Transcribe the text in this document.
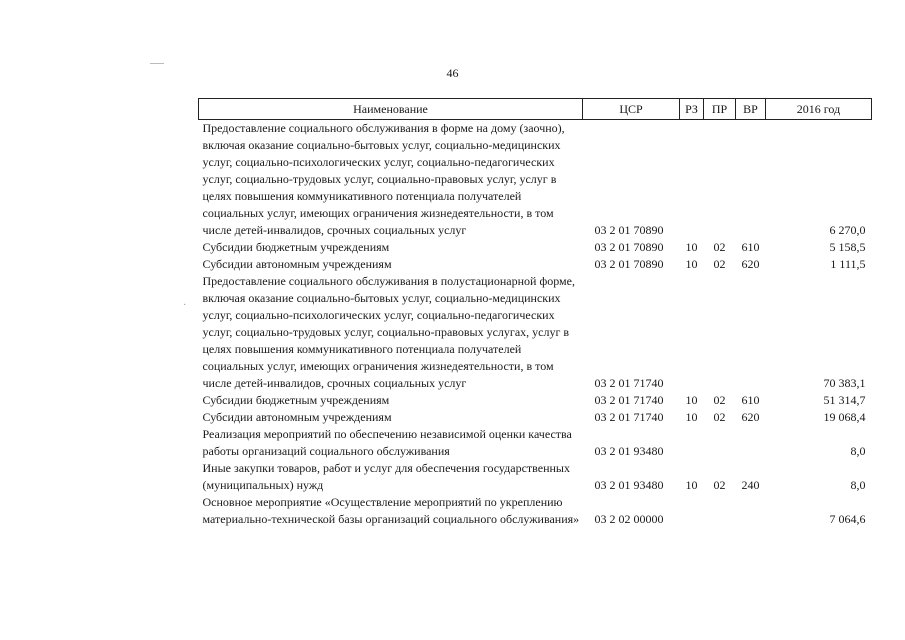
46
·
Наименование	ЦСР	РЗ	ПР	ВР	2016 год
Предоставление социального обслуживания в форме на дому (заочно), включая оказание социально-бытовых услуг, социально-медицинских услуг, социально-психологических услуг, социально-педагогических услуг, социально-трудовых услуг, социально-правовых услуг, услуг в целях повышения коммуникативного потенциала получателей социальных услуг, имеющих ограничения жизнедеятельности, в том числе детей-инвалидов, срочных социальных услуг	03 2 01 70890				6 270,0
Субсидии бюджетным учреждениям	03 2 01 70890	10	02	610	5 158,5
Субсидии автономным учреждениям	03 2 01 70890	10	02	620	1 111,5
Предоставление социального обслуживания в полустационарной форме, включая оказание социально-бытовых услуг, социально-медицинских услуг, социально-психологических услуг, социально-педагогических услуг, социально-трудовых услуг, социально-правовых услугах, услуг в целях повышения коммуникативного потенциала получателей социальных услуг, имеющих ограничения жизнедеятельности, в том числе детей-инвалидов, срочных социальных услуг	03 2 01 71740				70 383,1
Субсидии бюджетным учреждениям	03 2 01 71740	10	02	610	51 314,7
Субсидии автономным учреждениям	03 2 01 71740	10	02	620	19 068,4
Реализация мероприятий по обеспечению независимой оценки качества работы организаций социального обслуживания	03 2 01 93480				8,0
Иные закупки товаров, работ и услуг для обеспечения государственных (муниципальных) нужд	03 2 01 93480	10	02	240	8,0
Основное мероприятие «Осуществление мероприятий по укреплению материально-технической базы организаций социального обслуживания»	03 2 02 00000				7 064,6
